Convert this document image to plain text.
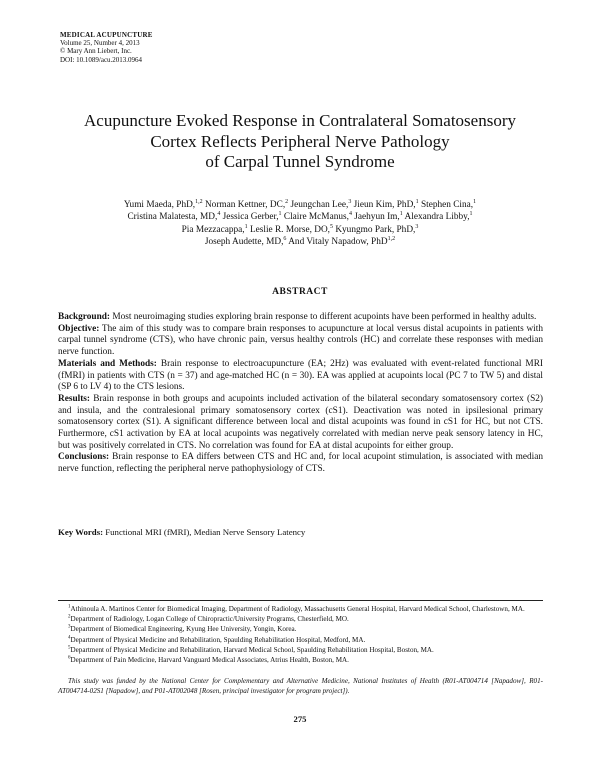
MEDICAL ACUPUNCTURE
Volume 25, Number 4, 2013
© Mary Ann Liebert, Inc.
DOI: 10.1089/acu.2013.0964
Acupuncture Evoked Response in Contralateral Somatosensory
Cortex Reflects Peripheral Nerve Pathology
of Carpal Tunnel Syndrome
Yumi Maeda, PhD,$^{1,2}$ Norman Kettner, DC,$^2$ Jeungchan Lee,$^3$ Jieun Kim, PhD,$^1$ Stephen Cina,$^1$
Cristina Malatesta, MD,$^4$ Jessica Gerber,$^1$ Claire McManus,$^4$ Jaehyun Im,$^1$ Alexandra Libby,$^1$
Pia Mezzacappa,$^1$ Leslie R. Morse, DO,$^5$ Kyungmo Park, PhD,$^3$
Joseph Audette, MD,$^6$ And Vitaly Napadow, PhD$^{1,2}$
ABSTRACT

Background: Most neuroimaging studies exploring brain response to different acupoints have been performed in healthy adults.

Objective: The aim of this study was to compare brain responses to acupuncture at local versus distal acupoints in patients with carpal tunnel syndrome (CTS), who have chronic pain, versus healthy controls (HC) and correlate these responses with median nerve function.

Materials and Methods: Brain response to electroacupuncture (EA; 2Hz) was evaluated with event-related functional MRI (fMRI) in patients with CTS (n = 37) and age-matched HC (n = 30). EA was applied at acupoints local (PC 7 to TW 5) and distal (SP 6 to LV 4) to the CTS lesions.

Results: Brain response in both groups and acupoints included activation of the bilateral secondary somatosensory cortex (S2) and insula, and the contralesional primary somatosensory cortex (cS1). Deactivation was noted in ipsilesional primary somatosensory cortex (S1). A significant difference between local and distal acupoints was found in cS1 for HC, but not CTS. Furthermore, cS1 activation by EA at local acupoints was negatively correlated with median nerve peak sensory latency in HC, but was positively correlated in CTS. No correlation was found for EA at distal acupoints for either group.

Conclusions: Brain response to EA differs between CTS and HC and, for local acupoint stimulation, is associated with median nerve function, reflecting the peripheral nerve pathophysiology of CTS.

Key Words: Functional MRI (fMRI), Median Nerve Sensory Latency

$^1$Athinoula A. Martinos Center for Biomedical Imaging, Department of Radiology, Massachusetts General Hospital, Harvard Medical School, Charlestown, MA.

$^2$Department of Radiology, Logan College of Chiropractic/University Programs, Chesterfield, MO.

$^3$Department of Biomedical Engineering, Kyung Hee University, Yongin, Korea.

$^4$Department of Physical Medicine and Rehabilitation, Spaulding Rehabilitation Hospital, Medford, MA.

$^5$Department of Physical Medicine and Rehabilitation, Harvard Medical School, Spaulding Rehabilitation Hospital, Boston, MA.

$^6$Department of Pain Medicine, Harvard Vanguard Medical Associates, Atrius Health, Boston, MA.

This study was funded by the National Center for Complementary and Alternative Medicine, National Institutes of Health (R01-AT004714 [Napadow], R01-AT004714-02S1 [Napadow], and P01-AT002048 [Rosen, principal investigator for program project]).
275
